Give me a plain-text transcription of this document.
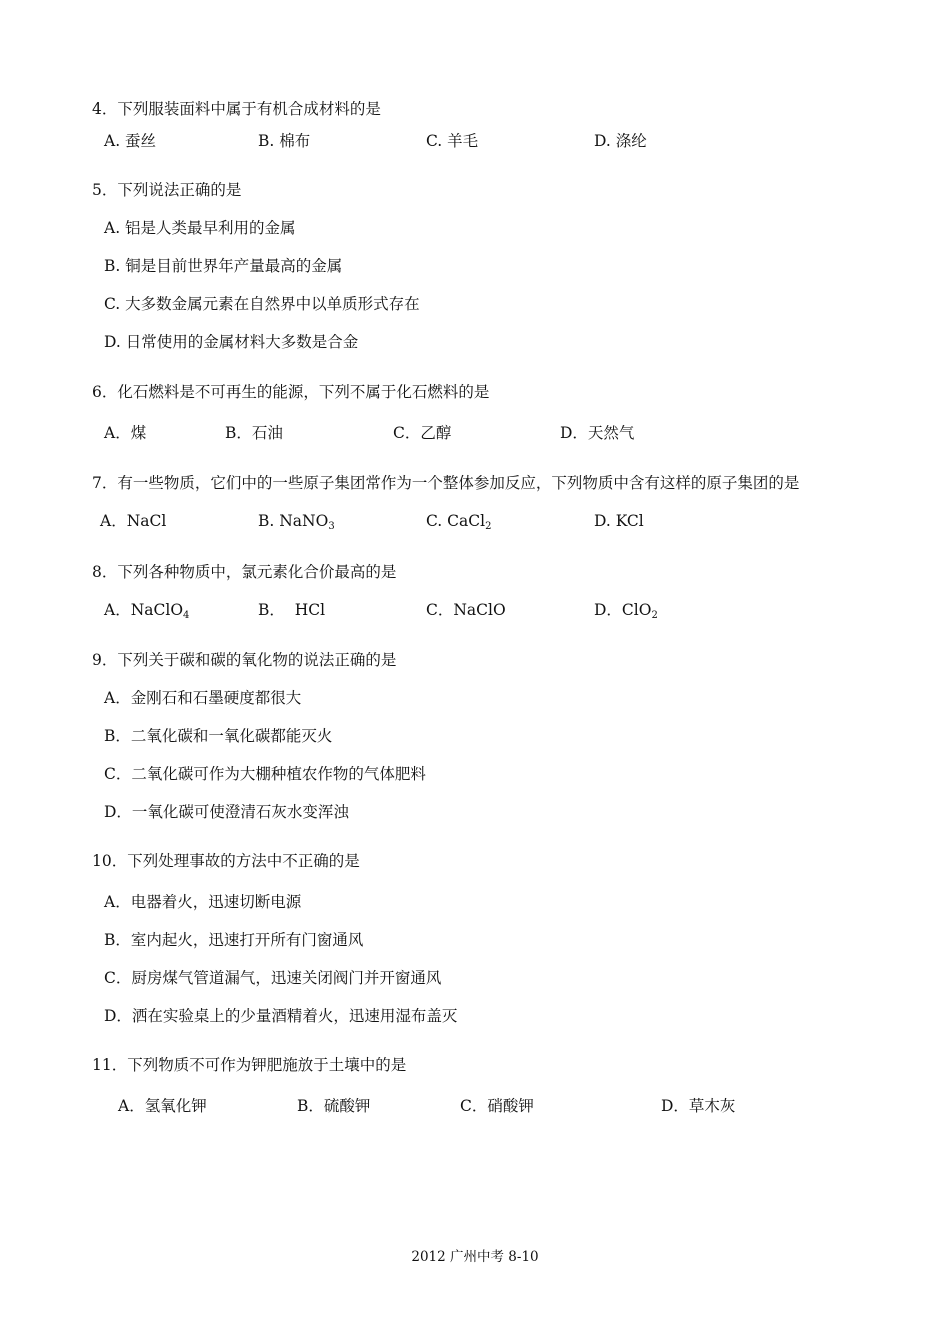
4．下列服装面料中属于有机合成材料的是
A. 蚕丝	B. 棉布	C. 羊毛	D. 涤纶
5．下列说法正确的是
A. 铝是人类最早利用的金属
B. 铜是目前世界年产量最高的金属
C. 大多数金属元素在自然界中以单质形式存在
D. 日常使用的金属材料大多数是合金
6．化石燃料是不可再生的能源，下列不属于化石燃料的是
A．煤	B．石油	C．乙醇	D．天然气
7．有一些物质，它们中的一些原子集团常作为一个整体参加反应，下列物质中含有这样的原子集团的是
A．NaCl	B. NaNO$_3$	C. CaCl$_2$	D. KCl
8．下列各种物质中，氯元素化合价最高的是
A．NaClO$_4$	B．  HCl	C．NaClO	D．ClO$_2$
9．下列关于碳和碳的氧化物的说法正确的是
A．金刚石和石墨硬度都很大
B．二氧化碳和一氧化碳都能灭火
C．二氧化碳可作为大棚种植农作物的气体肥料
D．一氧化碳可使澄清石灰水变浑浊
10．下列处理事故的方法中不正确的是
A．电器着火，迅速切断电源
B．室内起火，迅速打开所有门窗通风
C．厨房煤气管道漏气，迅速关闭阀门并开窗通风
D．洒在实验桌上的少量酒精着火，迅速用湿布盖灭
11．下列物质不可作为钾肥施放于土壤中的是
A．氢氧化钾	B．硫酸钾	C．硝酸钾	D．草木灰
2012 广州中考 8-10
